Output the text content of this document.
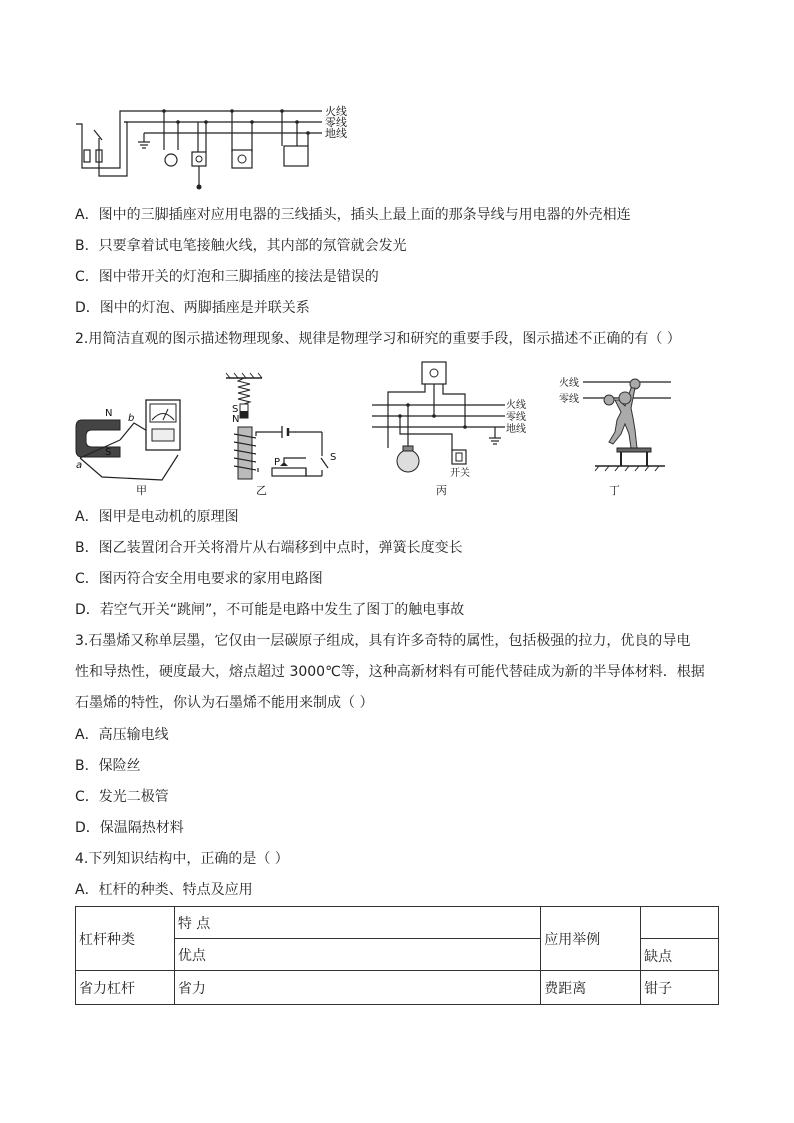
火线
零线
地线
A．图中的三脚插座对应用电器的三线插头，插头上最上面的那条导线与用电器的外壳相连
B．只要拿着试电笔接触火线，其内部的氖管就会发光
C．图中带开关的灯泡和三脚插座的接法是错误的
D．图中的灯泡、两脚插座是并联关系
2.用简洁直观的图示描述物理现象、规律是物理学习和研究的重要手段，图示描述不正确的有（ ）
N
S
a
b
甲
S
N
P	S
乙
火线
零线
地线
开关
丙
火线
零线
丁
A．图甲是电动机的原理图
B．图乙装置闭合开关将滑片从右端移到中点时，弹簧长度变长
C．图丙符合安全用电要求的家用电路图
D．若空气开关“跳闸”，不可能是电路中发生了图丁的触电事故
3.石墨烯又称单层墨，它仅由一层碳原子组成，具有许多奇特的属性，包括极强的拉力，优良的导电
性和导热性，硬度最大，熔点超过 3000℃等，这种高新材料有可能代替硅成为新的半导体材料．根据
石墨烯的特性，你认为石墨烯不能用来制成（ ）
A．高压输电线
B．保险丝
C．发光二极管
D．保温隔热材料
4.下列知识结构中，正确的是（ ）
A．杠杆的种类、特点及应用
杠杆种类	特 点	应用举例	
	优点		缺点
省力杠杆	省力	费距离	钳子
